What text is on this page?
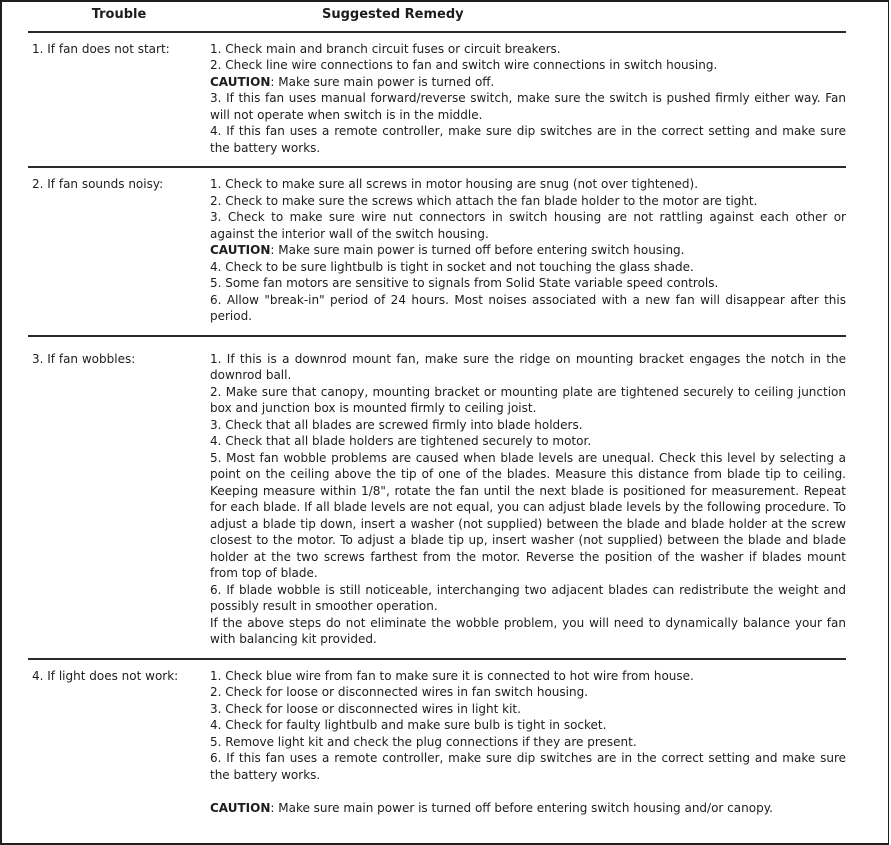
Trouble	Suggested Remedy

1. If fan does not start:	1. Check main and branch circuit fuses or circuit breakers.

2. Check line wire connections to fan and switch wire connections in switch housing.

CAUTION: Make sure main power is turned off.

3. If this fan uses manual forward/reverse switch, make sure the switch is pushed firmly either way. Fan will not operate when switch is in the middle.

4. If this fan uses a remote controller, make sure dip switches are in the correct setting and make sure the battery works.

2. If fan sounds noisy:	1. Check to make sure all screws in motor housing are snug (not over tightened).

2. Check to make sure the screws which attach the fan blade holder to the motor are tight.

3. Check to make sure wire nut connectors in switch housing are not rattling against each other or against the interior wall of the switch housing.

CAUTION: Make sure main power is turned off before entering switch housing.

4. Check to be sure lightbulb is tight in socket and not touching the glass shade.

5. Some fan motors are sensitive to signals from Solid State variable speed controls.

6. Allow "break-in" period of 24 hours. Most noises associated with a new fan will disappear after this period.

3. If fan wobbles:	1. If this is a downrod mount fan, make sure the ridge on mounting bracket engages the notch in the downrod ball.

2. Make sure that canopy, mounting bracket or mounting plate are tightened securely to ceiling junction box and junction box is mounted firmly to ceiling joist.

3. Check that all blades are screwed firmly into blade holders.

4. Check that all blade holders are tightened securely to motor.

5. Most fan wobble problems are caused when blade levels are unequal. Check this level by selecting a point on the ceiling above the tip of one of the blades. Measure this distance from blade tip to ceiling. Keeping measure within 1/8", rotate the fan until the next blade is positioned for measurement. Repeat for each blade. If all blade levels are not equal, you can adjust blade levels by the following procedure. To adjust a blade tip down, insert a washer (not supplied) between the blade and blade holder at the screw closest to the motor. To adjust a blade tip up, insert washer (not supplied) between the blade and blade holder at the two screws farthest from the motor. Reverse the position of the washer if blades mount from top of blade.

6. If blade wobble is still noticeable, interchanging two adjacent blades can redistribute the weight and possibly result in smoother operation.

If the above steps do not eliminate the wobble problem, you will need to dynamically balance your fan with balancing kit provided.

4. If light does not work:	1. Check blue wire from fan to make sure it is connected to hot wire from house.

2. Check for loose or disconnected wires in fan switch housing.

3. Check for loose or disconnected wires in light kit.

4. Check for faulty lightbulb and make sure bulb is tight in socket.

5. Remove light kit and check the plug connections if they are present.

6. If this fan uses a remote controller, make sure dip switches are in the correct setting and make sure the battery works.

CAUTION: Make sure main power is turned off before entering switch housing and/or canopy.
